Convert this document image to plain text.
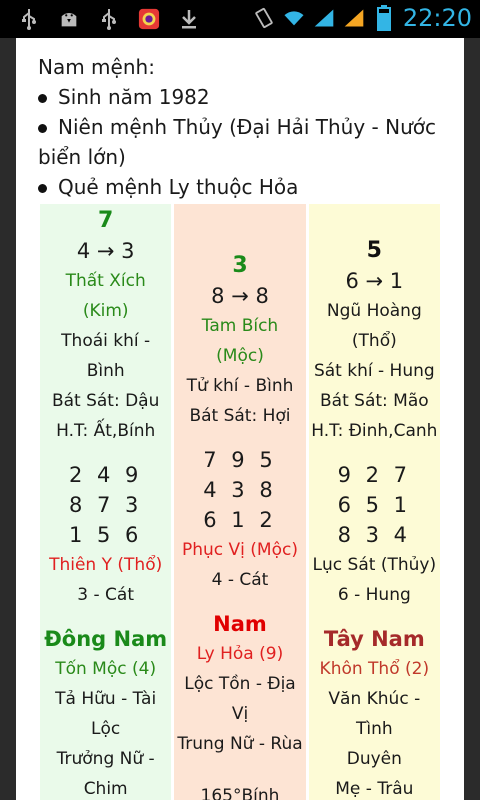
22:20
Nam mệnh:
Sinh năm 1982
Niên mệnh Thủy (Đại Hải Thủy - Nước
biển lớn)
Quẻ mệnh Ly thuộc Hỏa
7
4 → 3
Thất Xích
(Kim)
Thoái khí -
Bình
Bát Sát: Dậu
H.T: Ất,Bính
2 4 9
8 7 3
1 5 6
Thiên Y (Thổ)
3 - Cát
Đông Nam
Tốn Mộc (4)
Tả Hữu - Tài
Lộc
Trưởng Nữ -
Chim
3
8 → 8
Tam Bích
(Mộc)
Tử khí - Bình
Bát Sát: Hợi
7 9 5
4 3 8
6 1 2
Phục Vị (Mộc)
4 - Cát
Nam
Ly Hỏa (9)
Lộc Tồn - Địa Vị
Trung Nữ - Rùa
165°Bính
5
6 → 1
Ngũ Hoàng
(Thổ)
Sát khí - Hung
Bát Sát: Mão
H.T: Đinh,Canh
9 2 7
6 5 1
8 3 4
Lục Sát (Thủy)
6 - Hung
Tây Nam
Khôn Thổ (2)
Văn Khúc - Tình
Duyên
Mẹ - Trâu
